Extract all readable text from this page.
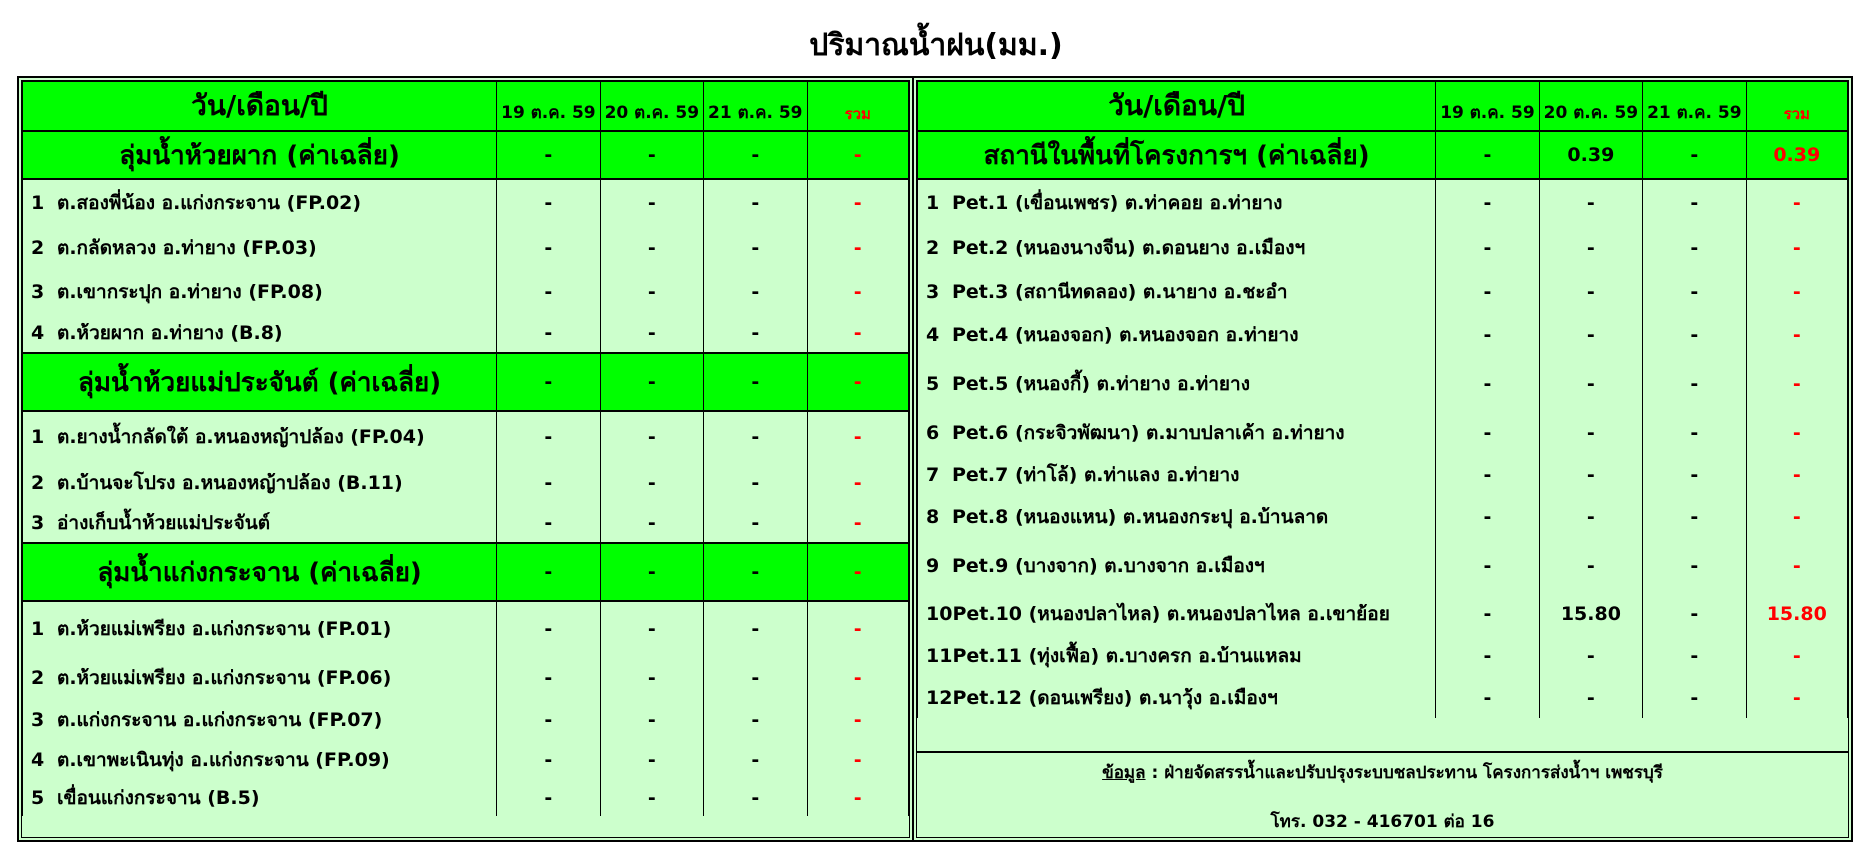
ปริมาณน้ำฝน(มม.)
วัน/เดือน/ปี	19 ต.ค. 59	20 ต.ค. 59	21 ต.ค. 59	รวม
ลุ่มน้ำห้วยผาก (ค่าเฉลี่ย)	-	-	-	-
1 ต.สองพี่น้อง อ.แก่งกระจาน (FP.02)	-	-	-	-
2 ต.กลัดหลวง อ.ท่ายาง (FP.03)	-	-	-	-
3 ต.เขากระปุก อ.ท่ายาง (FP.08)	-	-	-	-
4 ต.ห้วยผาก อ.ท่ายาง (B.8)	-	-	-	-
ลุ่มน้ำห้วยแม่ประจันต์ (ค่าเฉลี่ย)	-	-	-	-
1 ต.ยางน้ำกลัดใต้ อ.หนองหญ้าปล้อง (FP.04)	-	-	-	-
2 ต.บ้านจะโปรง อ.หนองหญ้าปล้อง (B.11)	-	-	-	-
3 อ่างเก็บน้ำห้วยแม่ประจันต์	-	-	-	-
ลุ่มน้ำแก่งกระจาน (ค่าเฉลี่ย)	-	-	-	-
1 ต.ห้วยแม่เพรียง อ.แก่งกระจาน (FP.01)	-	-	-	-
2 ต.ห้วยแม่เพรียง อ.แก่งกระจาน (FP.06)	-	-	-	-
3 ต.แก่งกระจาน อ.แก่งกระจาน (FP.07)	-	-	-	-
4 ต.เขาพะเนินทุ่ง อ.แก่งกระจาน (FP.09)	-	-	-	-
5 เขื่อนแก่งกระจาน (B.5)	-	-	-	-
วัน/เดือน/ปี	19 ต.ค. 59	20 ต.ค. 59	21 ต.ค. 59	รวม
สถานีในพื้นที่โครงการฯ (ค่าเฉลี่ย)	-	0.39	-	0.39
1 Pet.1 (เขื่อนเพชร) ต.ท่าคอย อ.ท่ายาง	-	-	-	-
2 Pet.2 (หนองนางจีน) ต.ดอนยาง อ.เมืองฯ	-	-	-	-
3 Pet.3 (สถานีทดลอง) ต.นายาง อ.ชะอำ	-	-	-	-
4 Pet.4 (หนองจอก) ต.หนองจอก อ.ท่ายาง	-	-	-	-
5 Pet.5 (หนองกี้) ต.ท่ายาง อ.ท่ายาง	-	-	-	-
6 Pet.6 (กระจิวพัฒนา) ต.มาบปลาเค้า อ.ท่ายาง	-	-	-	-
7 Pet.7 (ท่าโล้) ต.ท่าแลง อ.ท่ายาง	-	-	-	-
8 Pet.8 (หนองแหน) ต.หนองกระปุ อ.บ้านลาด	-	-	-	-
9 Pet.9 (บางจาก) ต.บางจาก อ.เมืองฯ	-	-	-	-
10Pet.10 (หนองปลาไหล) ต.หนองปลาไหล อ.เขาย้อย	-	15.80	-	15.80
11Pet.11 (ทุ่งเฟื้อ) ต.บางครก อ.บ้านแหลม	-	-	-	-
12Pet.12 (ดอนเพรียง) ต.นาวุ้ง อ.เมืองฯ	-	-	-	-
ข้อมูล : ฝ่ายจัดสรรน้ำและปรับปรุงระบบชลประทาน โครงการส่งน้ำฯ เพชรบุรี
โทร. 032 - 416701 ต่อ 16
